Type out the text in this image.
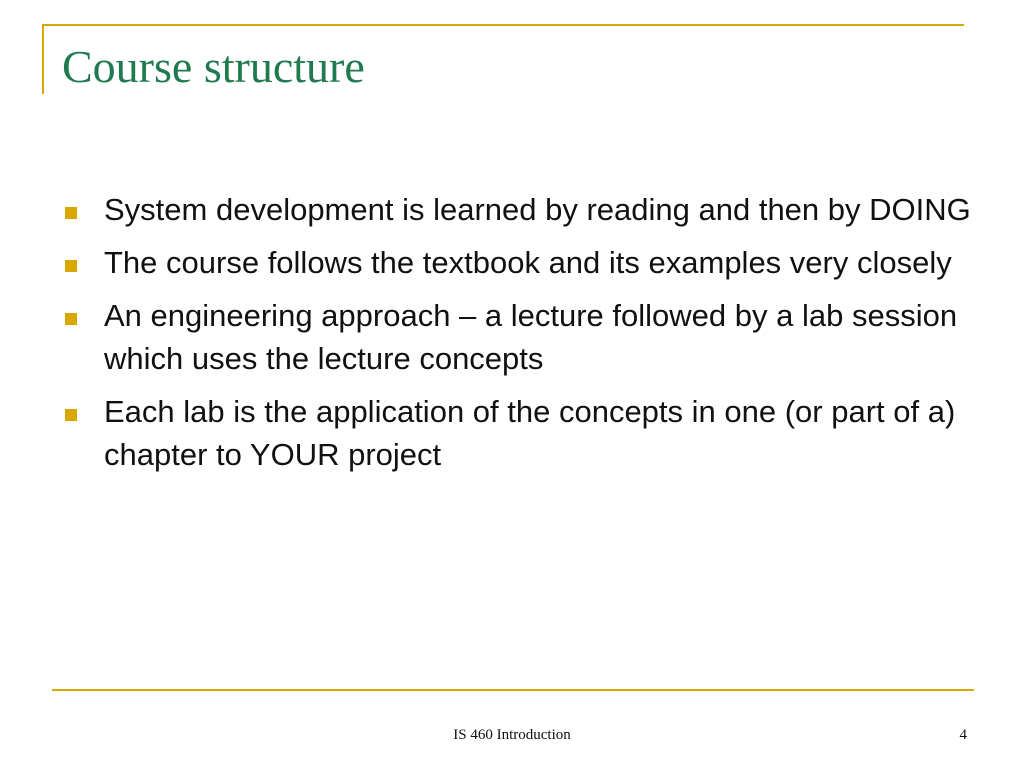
Course structure
System development is learned by reading and then by DOING
The course follows the textbook and its examples very closely
An engineering approach – a lecture followed by a lab session which uses the lecture concepts
Each lab is the application of the concepts in one (or part of a) chapter to YOUR project
IS 460 Introduction	4
